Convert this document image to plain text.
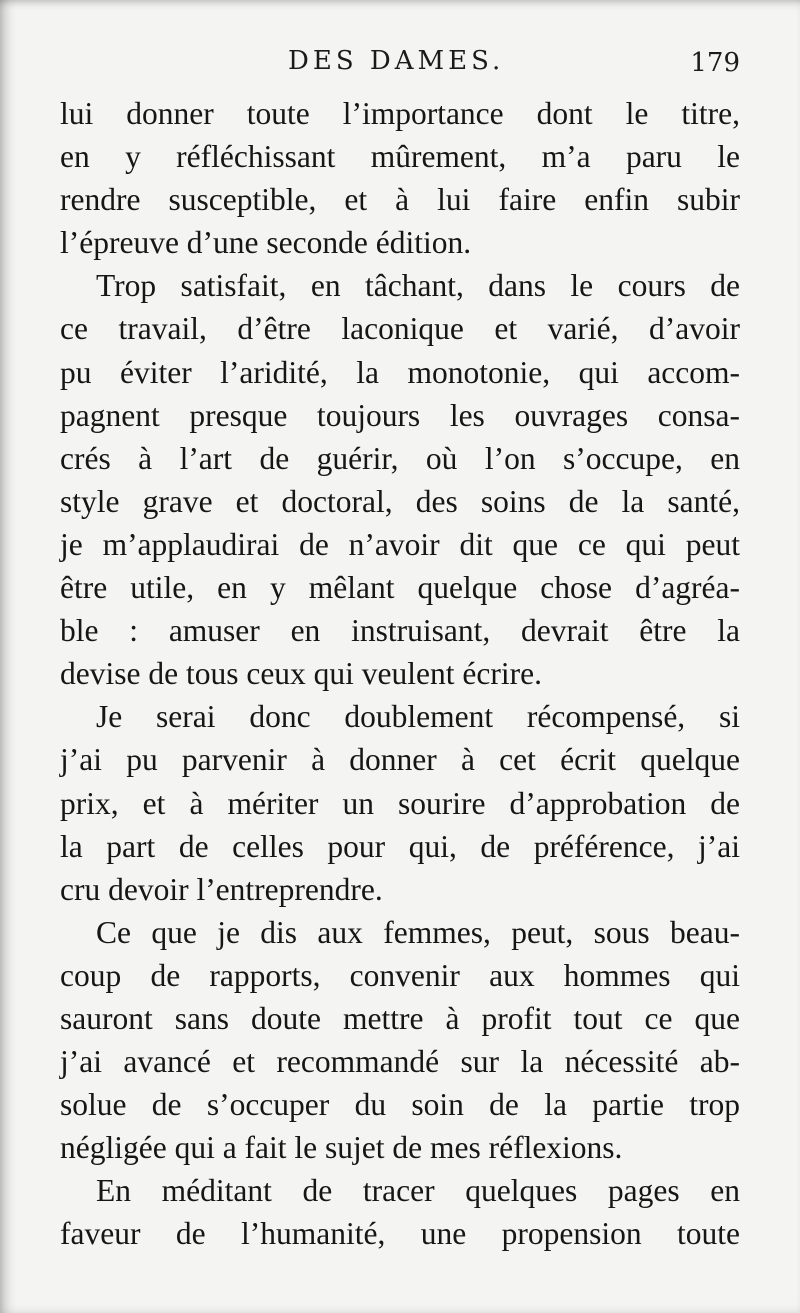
DES DAMES.	179
lui donner toute l’importance dont le titre,
en y réfléchissant mûrement, m’a paru le
rendre susceptible, et à lui faire enfin subir
l’épreuve d’une seconde édition.
Trop satisfait, en tâchant, dans le cours de
ce travail, d’être laconique et varié, d’avoir
pu éviter l’aridité, la monotonie, qui accom-
pagnent presque toujours les ouvrages consa-
crés à l’art de guérir, où l’on s’occupe, en
style grave et doctoral, des soins de la santé,
je m’applaudirai de n’avoir dit que ce qui peut
être utile, en y mêlant quelque chose d’agréa-
ble : amuser en instruisant, devrait être la
devise de tous ceux qui veulent écrire.
Je serai donc doublement récompensé, si
j’ai pu parvenir à donner à cet écrit quelque
prix, et à mériter un sourire d’approbation de
la part de celles pour qui, de préférence, j’ai
cru devoir l’entreprendre.
Ce que je dis aux femmes, peut, sous beau-
coup de rapports, convenir aux hommes qui
sauront sans doute mettre à profit tout ce que
j’ai avancé et recommandé sur la nécessité ab-
solue de s’occuper du soin de la partie trop
négligée qui a fait le sujet de mes réflexions.
En méditant de tracer quelques pages en
faveur de l’humanité, une propension toute
